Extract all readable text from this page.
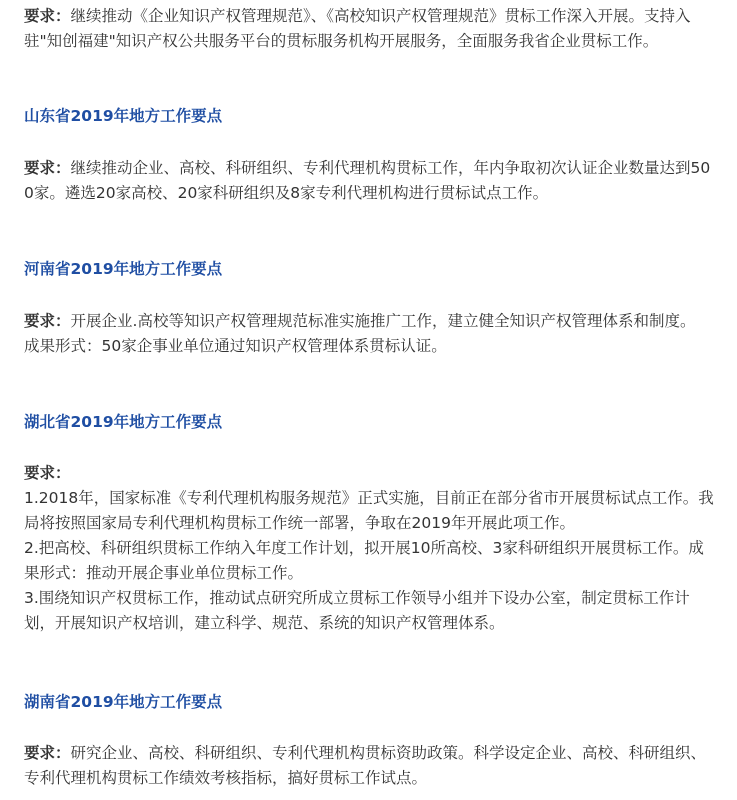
要求：继续推动《企业知识产权管理规范》、《高校知识产权管理规范》贯标工作深入开展。支持入驻"知创福建"知识产权公共服务平台的贯标服务机构开展服务，全面服务我省企业贯标工作。

山东省2019年地方工作要点

要求：继续推动企业、高校、科研组织、专利代理机构贯标工作，年内争取初次认证企业数量达到500家。遴选20家高校、20家科研组织及8家专利代理机构进行贯标试点工作。

河南省2019年地方工作要点

要求：开展企业.高校等知识产权管理规范标准实施推广工作，建立健全知识产权管理体系和制度。

成果形式：50家企事业单位通过知识产权管理体系贯标认证。

湖北省2019年地方工作要点

要求：

1.2018年，国家标准《专利代理机构服务规范》正式实施，目前正在部分省市开展贯标试点工作。我局将按照国家局专利代理机构贯标工作统一部署，争取在2019年开展此项工作。

2.把高校、科研组织贯标工作纳入年度工作计划，拟开展10所高校、3家科研组织开展贯标工作。成果形式：推动开展企事业单位贯标工作。

3.围绕知识产权贯标工作，推动试点研究所成立贯标工作领导小组并下设办公室，制定贯标工作计划，开展知识产权培训，建立科学、规范、系统的知识产权管理体系。

湖南省2019年地方工作要点

要求：研究企业、高校、科研组织、专利代理机构贯标资助政策。科学设定企业、高校、科研组织、专利代理机构贯标工作绩效考核指标，搞好贯标工作试点。
